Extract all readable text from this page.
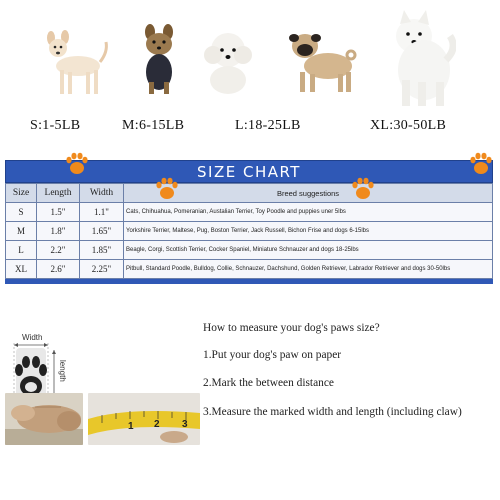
S:1-5LB	M:6-15LB	L:18-25LB	XL:30-50LB
SIZE CHART
Size	Length	Width	Breed suggestions
S	1.5"	1.1"	Cats, Chihuahua, Pomeranian, Austalian Terrier, Toy Poodle and puppies uner 5lbs
M	1.8"	1.65"	Yorkshire Terrier, Maltese, Pug, Boston Terrier, Jack Russell, Bichon Frise and dogs 6-15lbs
L	2.2"	1.85"	Beagle, Corgi, Scottish Terrier, Cocker Spaniel, Miniature Schnauzer and dogs 18-25lbs
XL	2.6"	2.25"	Pitbull, Standard Poodle, Bulldog, Collie, Schnauzer, Dachshund, Golden Retriever, Labrador Retriever and dogs 30-50lbs
Width
length
How to measure your dog's paws size?
1.Put your dog's paw on paper
2.Mark the between distance
3.Measure the marked width and length (including claw)
1 2 3
